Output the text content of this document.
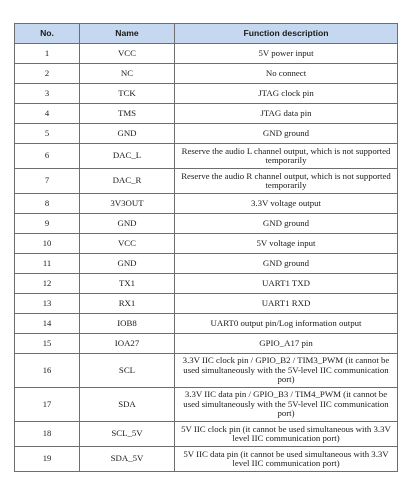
No.	Name	Function description
1	VCC	5V power input
2	NC	No connect
3	TCK	JTAG clock pin
4	TMS	JTAG data pin
5	GND	GND ground
6	DAC_L	Reserve the audio L channel output, which is not supported temporarily
7	DAC_R	Reserve the audio R channel output, which is not supported temporarily
8	3V3OUT	3.3V voltage output
9	GND	GND ground
10	VCC	5V voltage input
11	GND	GND ground
12	TX1	UART1 TXD
13	RX1	UART1 RXD
14	IOB8	UART0 output pin/Log information output
15	IOA27	GPIO_A17 pin
16	SCL	3.3V IIC clock pin / GPIO_B2 / TIM3_PWM (it cannot be used simultaneously with the 5V-level IIC communication port)
17	SDA	3.3V IIC data pin / GPIO_B3 / TIM4_PWM (it cannot be used simultaneously with the 5V-level IIC communication port)
18	SCL_5V	5V IIC clock pin (it cannot be used simultaneous with 3.3V level IIC communication port)
19	SDA_5V	5V IIC data pin (it cannot be used simultaneous with 3.3V level IIC communication port)
